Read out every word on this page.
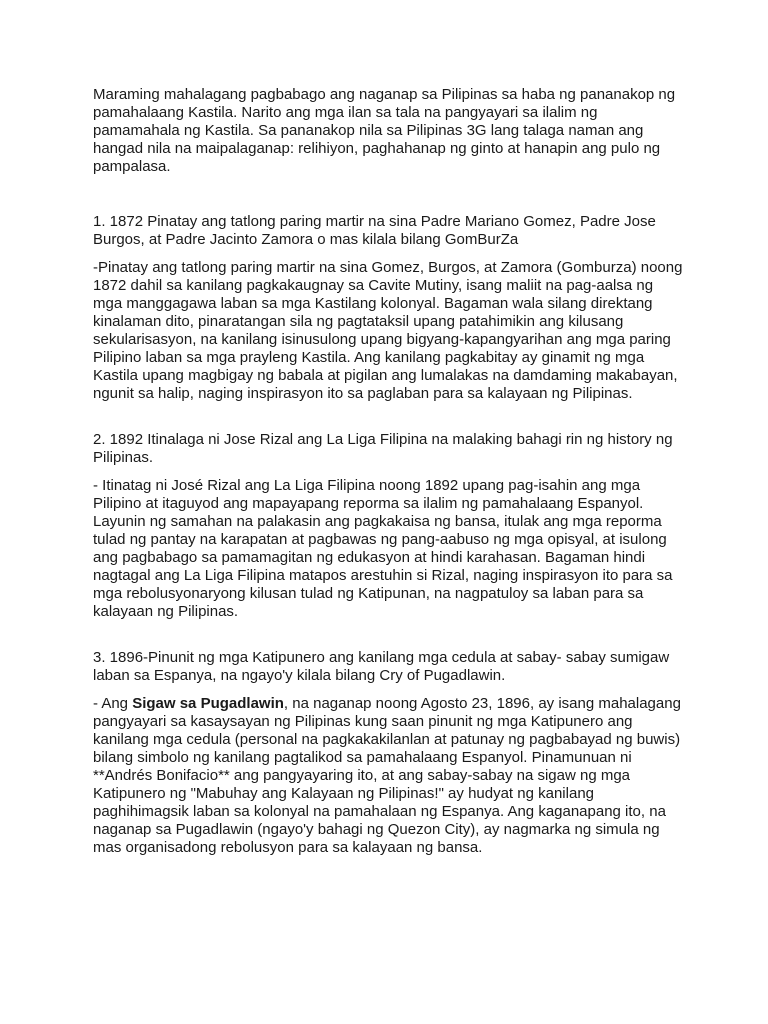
Maraming mahalagang pagbabago ang naganap sa Pilipinas sa haba ng pananakop ng pamahalaang Kastila. Narito ang mga ilan sa tala na pangyayari sa ilalim ng pamamahala ng Kastila. Sa pananakop nila sa Pilipinas 3G lang talaga naman ang hangad nila na maipalaganap: relihiyon, paghahanap ng ginto at hanapin ang pulo ng pampalasa.

1. 1872 Pinatay ang tatlong paring martir na sina Padre Mariano Gomez, Padre Jose Burgos, at Padre Jacinto Zamora o mas kilala bilang GomBurZa

-Pinatay ang tatlong paring martir na sina Gomez, Burgos, at Zamora (Gomburza) noong 1872 dahil sa kanilang pagkakaugnay sa Cavite Mutiny, isang maliit na pag-aalsa ng mga manggagawa laban sa mga Kastilang kolonyal. Bagaman wala silang direktang kinalaman dito, pinaratangan sila ng pagtataksil upang patahimikin ang kilusang sekularisasyon, na kanilang isinusulong upang bigyang-kapangyarihan ang mga paring Pilipino laban sa mga prayleng Kastila. Ang kanilang pagkabitay ay ginamit ng mga Kastila upang magbigay ng babala at pigilan ang lumalakas na damdaming makabayan, ngunit sa halip, naging inspirasyon ito sa paglaban para sa kalayaan ng Pilipinas.

2. 1892 Itinalaga ni Jose Rizal ang La Liga Filipina na malaking bahagi rin ng history ng Pilipinas.

- Itinatag ni José Rizal ang La Liga Filipina noong 1892 upang pag-isahin ang mga Pilipino at itaguyod ang mapayapang reporma sa ilalim ng pamahalaang Espanyol. Layunin ng samahan na palakasin ang pagkakaisa ng bansa, itulak ang mga reporma tulad ng pantay na karapatan at pagbawas ng pang-aabuso ng mga opisyal, at isulong ang pagbabago sa pamamagitan ng edukasyon at hindi karahasan. Bagaman hindi nagtagal ang La Liga Filipina matapos arestuhin si Rizal, naging inspirasyon ito para sa mga rebolusyonaryong kilusan tulad ng Katipunan, na nagpatuloy sa laban para sa kalayaan ng Pilipinas.

3. 1896-Pinunit ng mga Katipunero ang kanilang mga cedula at sabay- sabay sumigaw laban sa Espanya, na ngayo'y kilala bilang Cry of Pugadlawin.

- Ang Sigaw sa Pugadlawin, na naganap noong Agosto 23, 1896, ay isang mahalagang pangyayari sa kasaysayan ng Pilipinas kung saan pinunit ng mga Katipunero ang kanilang mga cedula (personal na pagkakakilanlan at patunay ng pagbabayad ng buwis) bilang simbolo ng kanilang pagtalikod sa pamahalaang Espanyol. Pinamunuan ni **Andrés Bonifacio** ang pangyayaring ito, at ang sabay-sabay na sigaw ng mga Katipunero ng "Mabuhay ang Kalayaan ng Pilipinas!" ay hudyat ng kanilang paghihimagsik laban sa kolonyal na pamahalaan ng Espanya. Ang kaganapang ito, na naganap sa Pugadlawin (ngayo'y bahagi ng Quezon City), ay nagmarka ng simula ng mas organisadong rebolusyon para sa kalayaan ng bansa.
